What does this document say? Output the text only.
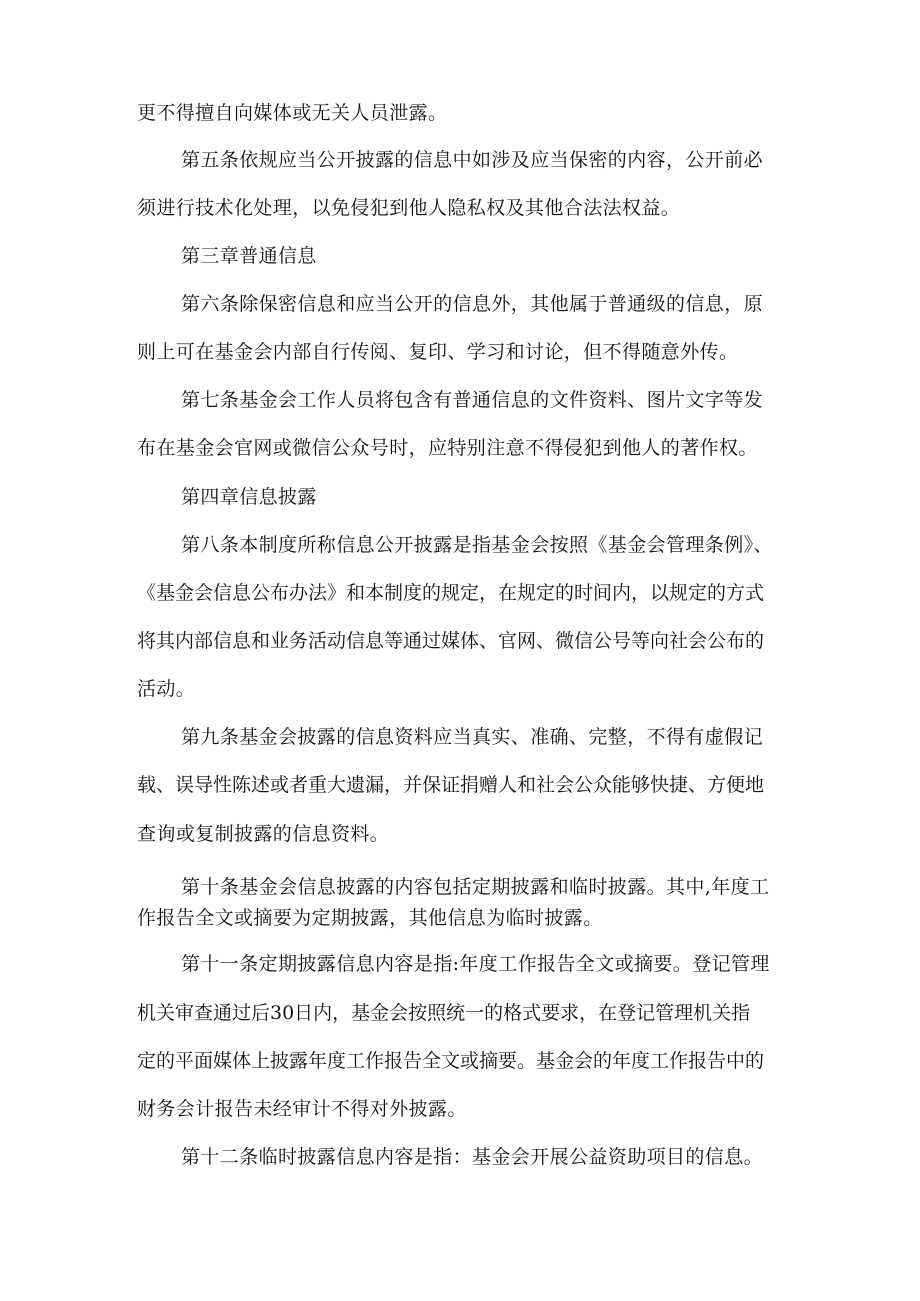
更不得擅自向媒体或无关人员泄露。
第五条依规应当公开披露的信息中如涉及应当保密的内容，公开前必
须进行技术化处理，以免侵犯到他人隐私权及其他合法法权益。
第三章普通信息
第六条除保密信息和应当公开的信息外，其他属于普通级的信息，原
则上可在基金会内部自行传阅、复印、学习和讨论，但不得随意外传。
第七条基金会工作人员将包含有普通信息的文件资料、图片文字等发
布在基金会官网或微信公众号时，应特别注意不得侵犯到他人的著作权。
第四章信息披露
第八条本制度所称信息公开披露是指基金会按照《基金会管理条例》、
《基金会信息公布办法》和本制度的规定，在规定的时间内，以规定的方式
将其内部信息和业务活动信息等通过媒体、官网、微信公号等向社会公布的
活动。
第九条基金会披露的信息资料应当真实、准确、完整，不得有虚假记
载、误导性陈述或者重大遗漏，并保证捐赠人和社会公众能够快捷、方便地
查询或复制披露的信息资料。
第十条基金会信息披露的内容包括定期披露和临时披露。其中,年度工
作报告全文或摘要为定期披露，其他信息为临时披露。
第十一条定期披露信息内容是指:年度工作报告全文或摘要。登记管理
机关审查通过后30日内，基金会按照统一的格式要求，在登记管理机关指
定的平面媒体上披露年度工作报告全文或摘要。基金会的年度工作报告中的
财务会计报告未经审计不得对外披露。
第十二条临时披露信息内容是指：基金会开展公益资助项目的信息。
